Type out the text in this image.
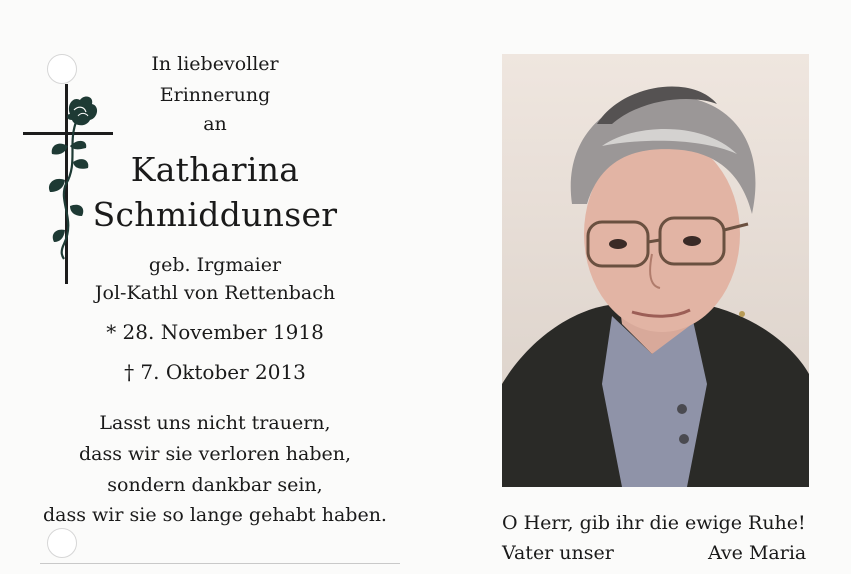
In liebevoller
Erinnerung
an
Katharina
Schmiddunser
geb. Irgmaier
Jol-Kathl von Rettenbach
* 28. November 1918
† 7. Oktober 2013
Lasst uns nicht trauern,
dass wir sie verloren haben,
sondern dankbar sein,
dass wir sie so lange gehabt haben.	O Herr, gib ihr die ewige Ruhe!
Vater unser	Ave Maria
